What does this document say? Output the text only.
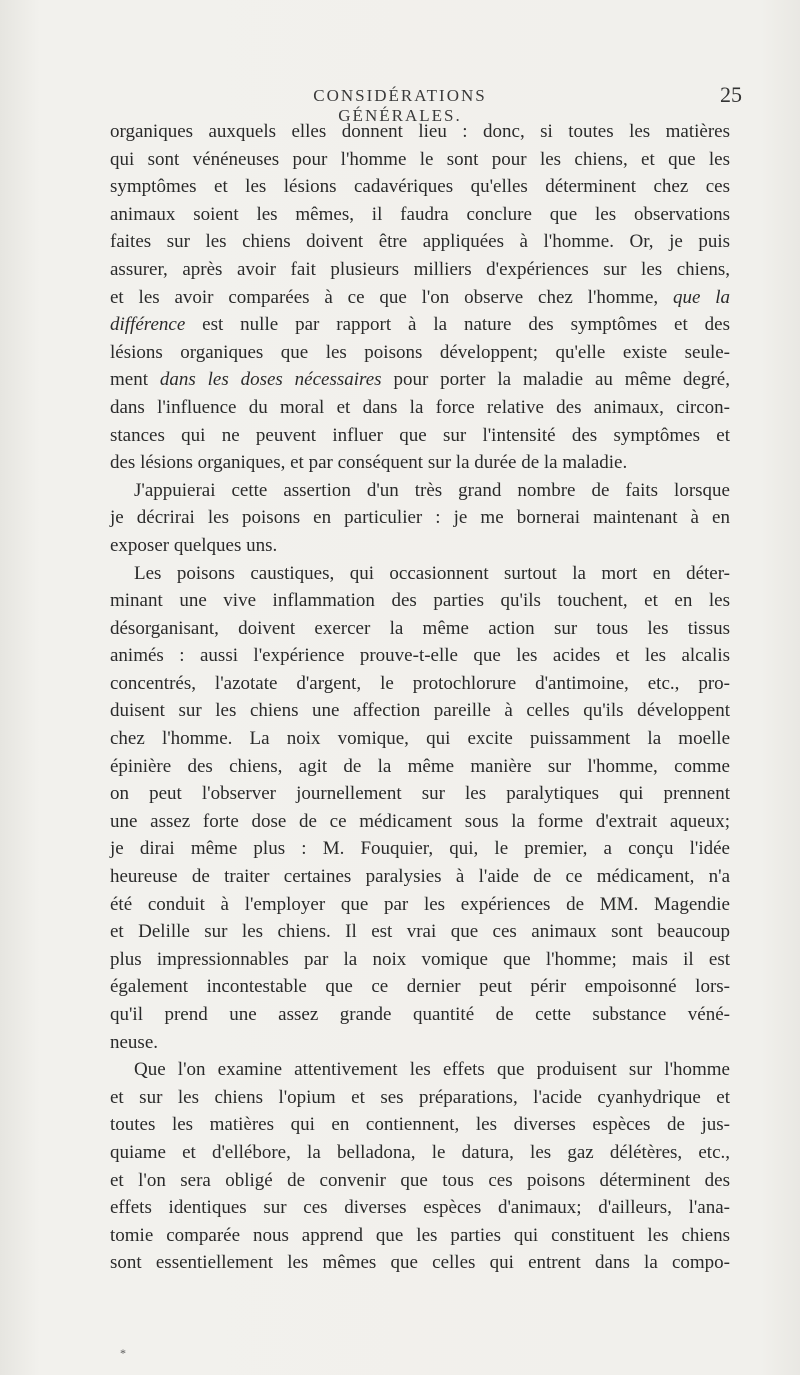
CONSIDÉRATIONS GÉNÉRALES.
25
organiques auxquels elles donnent lieu : donc, si toutes les matières
qui sont vénéneuses pour l'homme le sont pour les chiens, et que les
symptômes et les lésions cadavériques qu'elles déterminent chez ces
animaux soient les mêmes, il faudra conclure que les observations
faites sur les chiens doivent être appliquées à l'homme. Or, je puis
assurer, après avoir fait plusieurs milliers d'expériences sur les chiens,
et les avoir comparées à ce que l'on observe chez l'homme, que la
différence est nulle par rapport à la nature des symptômes et des
lésions organiques que les poisons développent; qu'elle existe seule-
ment dans les doses nécessaires pour porter la maladie au même degré,
dans l'influence du moral et dans la force relative des animaux, circon-
stances qui ne peuvent influer que sur l'intensité des symptômes et
des lésions organiques, et par conséquent sur la durée de la maladie.
J'appuierai cette assertion d'un très grand nombre de faits lorsque
je décrirai les poisons en particulier : je me bornerai maintenant à en
exposer quelques uns.
Les poisons caustiques, qui occasionnent surtout la mort en déter-
minant une vive inflammation des parties qu'ils touchent, et en les
désorganisant, doivent exercer la même action sur tous les tissus
animés : aussi l'expérience prouve-t-elle que les acides et les alcalis
concentrés, l'azotate d'argent, le protochlorure d'antimoine, etc., pro-
duisent sur les chiens une affection pareille à celles qu'ils développent
chez l'homme. La noix vomique, qui excite puissamment la moelle
épinière des chiens, agit de la même manière sur l'homme, comme
on peut l'observer journellement sur les paralytiques qui prennent
une assez forte dose de ce médicament sous la forme d'extrait aqueux;
je dirai même plus : M. Fouquier, qui, le premier, a conçu l'idée
heureuse de traiter certaines paralysies à l'aide de ce médicament, n'a
été conduit à l'employer que par les expériences de MM. Magendie
et Delille sur les chiens. Il est vrai que ces animaux sont beaucoup
plus impressionnables par la noix vomique que l'homme; mais il est
également incontestable que ce dernier peut périr empoisonné lors-
qu'il prend une assez grande quantité de cette substance véné-
neuse.
Que l'on examine attentivement les effets que produisent sur l'homme
et sur les chiens l'opium et ses préparations, l'acide cyanhydrique et
toutes les matières qui en contiennent, les diverses espèces de jus-
quiame et d'ellébore, la belladona, le datura, les gaz délétères, etc.,
et l'on sera obligé de convenir que tous ces poisons déterminent des
effets identiques sur ces diverses espèces d'animaux; d'ailleurs, l'ana-
tomie comparée nous apprend que les parties qui constituent les chiens
sont essentiellement les mêmes que celles qui entrent dans la compo-
*
